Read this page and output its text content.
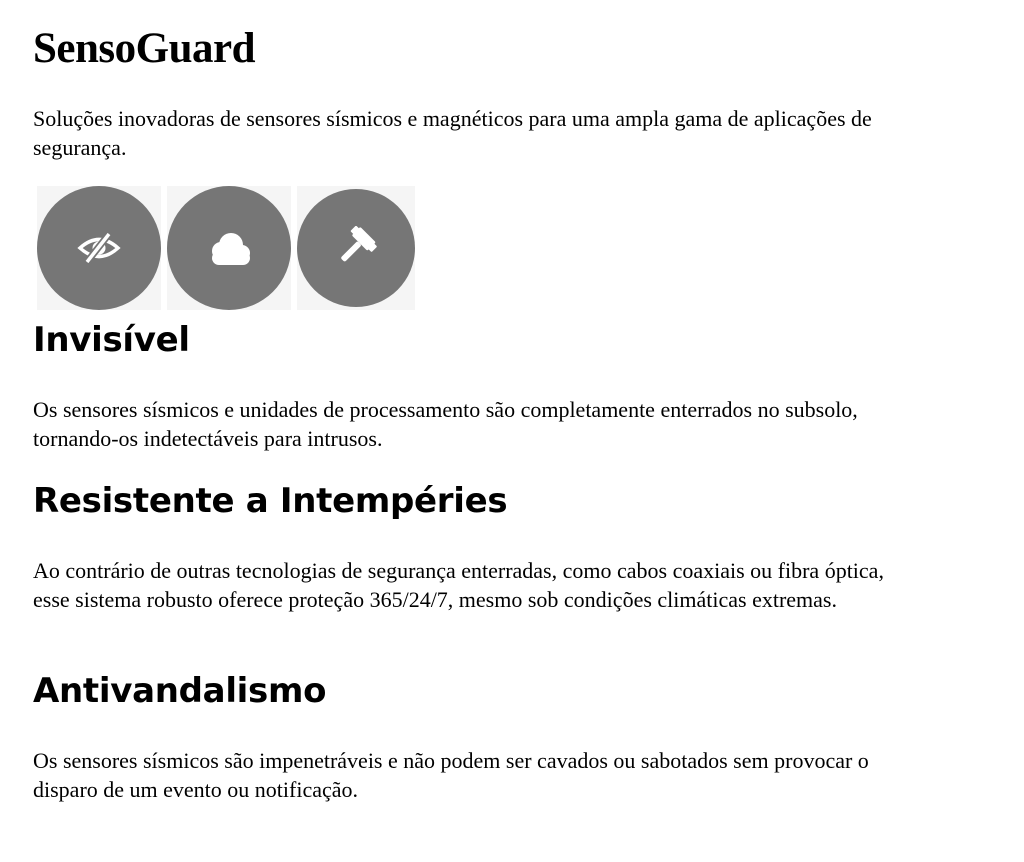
SensoGuard

Soluções inovadoras de sensores sísmicos e magnéticos para uma ampla gama de aplicações de segurança.

Invisível

Os sensores sísmicos e unidades de processamento são completamente enterrados no subsolo, tornando-os indetectáveis para intrusos.

Resistente a Intempéries

Ao contrário de outras tecnologias de segurança enterradas, como cabos coaxiais ou fibra óptica, esse sistema robusto oferece proteção 365/24/7, mesmo sob condições climáticas extremas.

Antivandalismo

Os sensores sísmicos são impenetráveis e não podem ser cavados ou sabotados sem provocar o disparo de um evento ou notificação.
